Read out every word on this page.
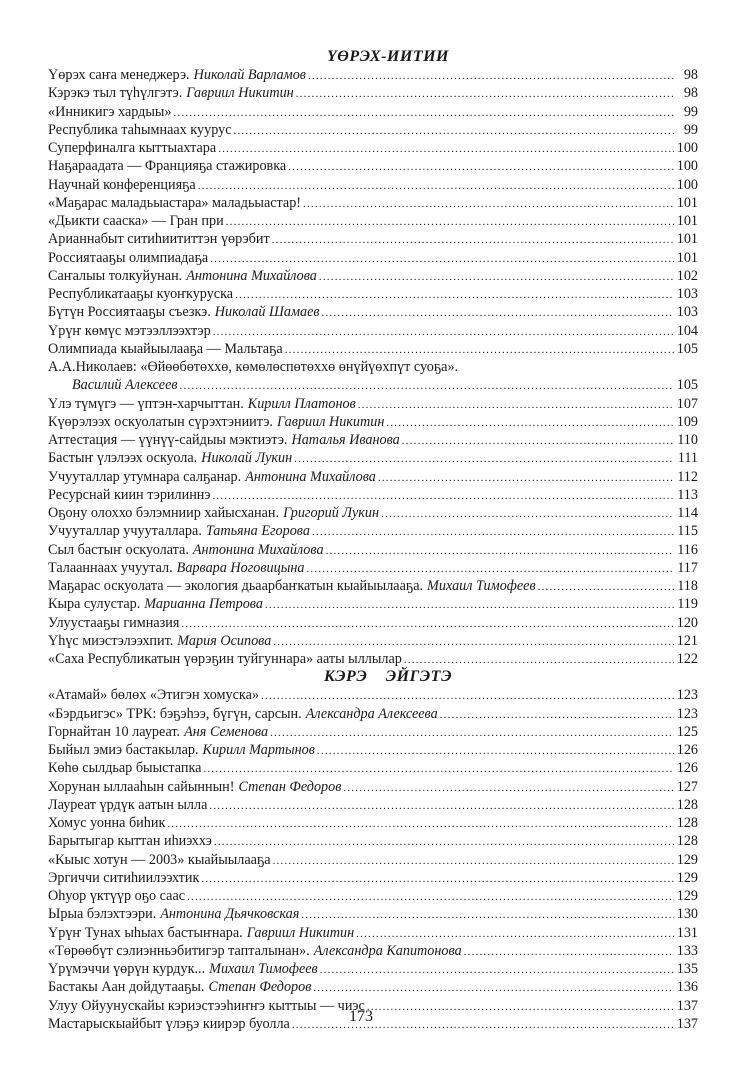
ҮӨРЭХ-ИИТИИ
Үөрэх саҥа менеджерэ. Николай Варламов .....	98
Кэрэкэ тыл түһүлгэтэ. Гавриил Никитин .....	98
«Инникигэ хардыы» .....	99
Республика таһымнаах куурус .....	99
Суперфиналга кыттыахтара .....	100
Наҕараадата — Францияҕа стажировка .....	100
Научнай конференцияҕа .....	100
«Маҕарас маладьыастара» маладьыастар! .....	101
«Дьикти сааска» — Гран при .....	101
Арианнабыт ситиһиититтэн үөрэбит .....	101
Россиятааҕы олимпиадаҕа .....	101
Саҥалыы толкуйунан. Антонина Михайлова .....	102
Республикатааҕы куоҥкуруска .....	103
Бүтүн Россиятааҕы съезкэ. Николай Шамаев .....	103
Үрүҥ көмүс мэтээллээхтэр .....	104
Олимпиада кыайыылааҕа — Мальтаҕа .....	105
А.А.Николаев: «Өйөөбөтөххө, көмөлөспөтөххө өнүйүөхпүт суоҕа».
Василий Алексеев .....	105
Үлэ түмүгэ — үптэн-харчыттан. Кирилл Платонов .....	107
Күөрэлээх оскуолатын сүрэхтэниитэ. Гавриил Никитин .....	109
Аттестация — үүнүү-сайдыы мэктиэтэ. Наталья Иванова .....	110
Бастыҥ үлэлээх оскуола. Николай Лукин .....	111
Учууталлар утумнара салҕанар. Антонина Михайлова .....	112
Ресурснай киин тэрилиннэ .....	113
Оҕону олоххо бэлэмниир хайысханан. Григорий Лукин .....	114
Учууталлар учууталлара. Татьяна Егорова .....	115
Сыл бастыҥ оскуолата. Антонина Михайлова .....	116
Талааннаах учуутал. Варвара Ноговицына .....	117
Маҕарас оскуолата — экология дьаарбаҥкатын кыайыылааҕа. Михаил Тимофеев .....	118
Кыра сулустар. Марианна Петрова .....	119
Улуустааҕы гимназия .....	120
Үһүс миэстэлээхпит. Мария Осипова .....	121
«Саха Республикатын үөрэҕин туйгуннара» ааты ыллылар .....	122
КЭРЭ ЭЙГЭТЭ
«Атамай» бөлөх «Этигэн хомуска» .....	123
«Бэрдьигэс» ТРК: бэҕэһээ, бүгүн, сарсын. Александра Алексеева .....	123
Горнайтан 10 лауреат. Аня Семенова .....	125
Быйыл эмиэ бастакылар. Кирилл Мартынов .....	126
Көһө сылдьар быыстапка .....	126
Хорунан ыллааһын сайыннын! Степан Федоров .....	127
Лауреат үрдүк аатын ылла .....	128
Хомус уонна биһик .....	128
Барытыгар кыттан иһиэххэ .....	128
«Кыыс хотун — 2003» кыайыылааҕа .....	129
Эргиччи ситиһиилээхтик .....	129
Оһуор үктүүр оҕо саас .....	129
Ырыа бэлэхтээри. Антонина Дьячковская .....	130
Үрүҥ Тунах ыһыах бастыҥнара. Гавриил Никитин .....	131
«Төрөөбүт сэлиэнньэбитигэр тапталынан». Александра Капитонова .....	133
Үрүмэччи үөрүн курдук... Михаил Тимофеев .....	135
Бастакы Аан дойдутааҕы. Степан Федоров .....	136
Улуу Ойуунускайы кэриэстээһиҥҥэ кыттыы — чиэс .....	137
Мастарыскыайбыт үлэҕэ киирэр буолла .....	137
173
